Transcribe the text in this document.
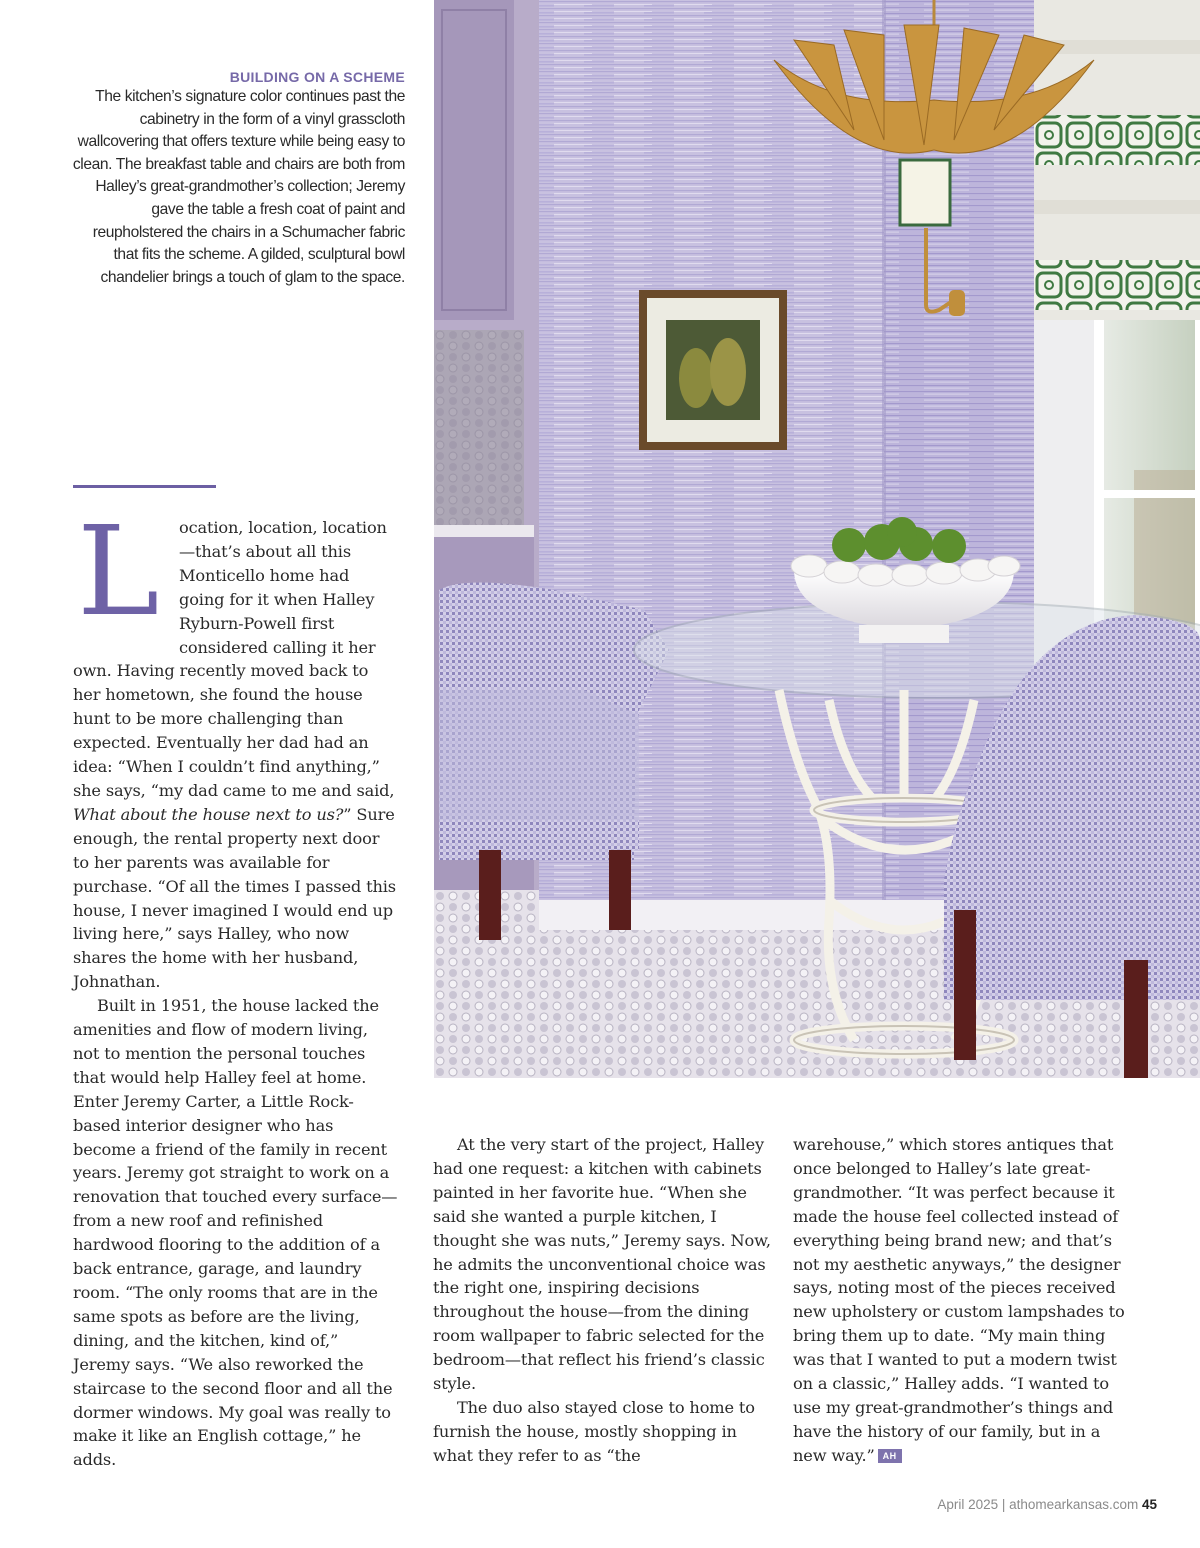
BUILDING ON A SCHEME
The kitchen’s signature color continues past the cabinetry in the form of a vinyl grasscloth wallcovering that offers texture while being easy to clean. The breakfast table and chairs are both from Halley’s great-grandmother’s collection; Jeremy gave the table a fresh coat of paint and reupholstered the chairs in a Schumacher fabric that fits the scheme. A gilded, sculptural bowl chandelier brings a touch of glam to the space.

L	ocation, location, location—that’s about all this Monticello home had going for it when Halley Ryburn-Powell first considered calling it her own. Having recently moved back to her hometown, she found the house hunt to be more challenging than expected. Eventually her dad had an idea: “When I couldn’t find anything,” she says, “my dad came to me and said, What about the house next to us?” Sure enough, the rental property next door to her parents was available for purchase. “Of all the times I passed this house, I never imagined I would end up living here,” says Halley, who now shares the home with her husband, Johnathan.

Built in 1951, the house lacked the amenities and flow of modern living, not to mention the personal touches that would help Halley feel at home. Enter Jeremy Carter, a Little Rock-based interior designer who has become a friend of the family in recent years. Jeremy got straight to work on a renovation that touched every surface—from a new roof and refinished hardwood flooring to the addition of a back entrance, garage, and laundry room. “The only rooms that are in the same spots as before are the living, dining, and the kitchen, kind of,” Jeremy says. “We also reworked the staircase to the second floor and all the dormer windows. My goal was really to make it like an English cottage,” he adds.

At the very start of the project, Halley had one request: a kitchen with cabinets painted in her favorite hue. “When she said she wanted a purple kitchen, I thought she was nuts,” Jeremy says. Now, he admits the unconventional choice was the right one, inspiring decisions throughout the house—from the dining room wallpaper to fabric selected for the bedroom—that reflect his friend’s classic style.

The duo also stayed close to home to furnish the house, mostly shopping in what they refer to as “the

warehouse,” which stores antiques that once belonged to Halley’s late great-grandmother. “It was perfect because it made the house feel collected instead of everything being brand new; and that’s not my aesthetic anyways,” the designer says, noting most of the pieces received new upholstery or custom lampshades to bring them up to date. “My main thing was that I wanted to put a modern twist on a classic,” Halley adds. “I wanted to use my great-grandmother’s things and have the history of our family, but in a new way.” AH

April 2025 | athomearkansas.com 45
